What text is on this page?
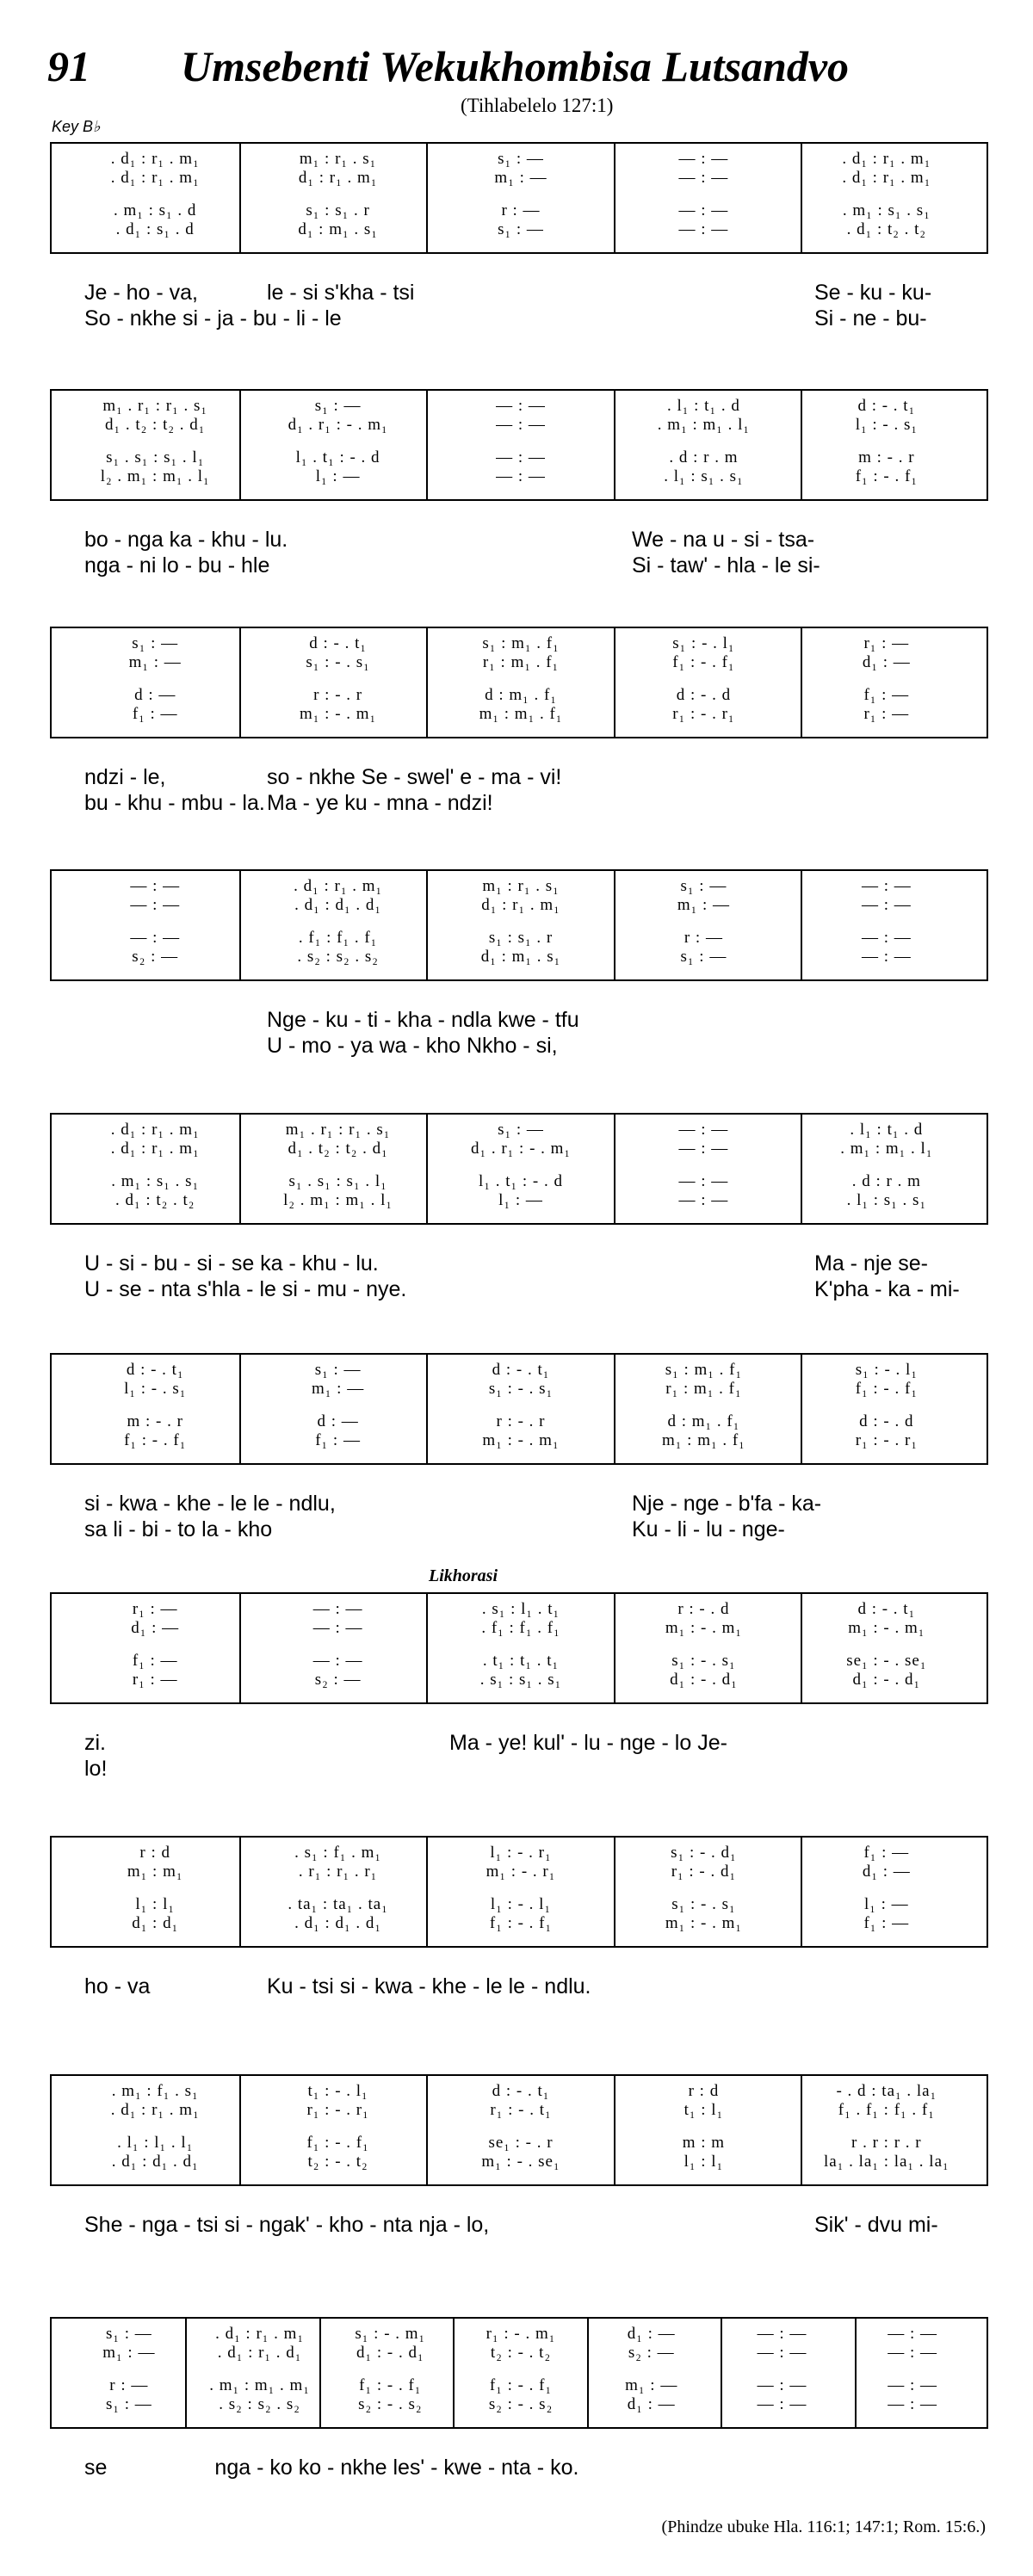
91 Umsebenti Wekukhombisa Lutsandvo
(Tihlabelelo 127:1)
Key B♭
. d₁ : r₁ . m₁	m₁ : r₁ . s₁	s₁ : —	— : —	. d₁ : r₁ . m₁
. d₁ : r₁ . m₁	d₁ : r₁ . m₁	m₁ : —	— : —	. d₁ : r₁ . m₁
. m₁ : s₁ . d	s₁ : s₁ . r	r : —	— : —	. m₁ : s₁ . s₁
. d₁ : s₁ . d	d₁ : m₁ . s₁	s₁ : —	— : —	. d₁ : t₂ . t₂
Je - ho - va,	le - si s'kha - tsi	Se - ku - ku-
So - nkhe si - ja - bu - li - le	Si - ne - bu-
m₁ . r₁ : r₁ . s₁	s₁ : —	— : —	. l₁ : t₁ . d	d : - . t₁
d₁ . t₂ : t₂ . d₁	d₁ . r₁ : - . m₁	— : —	. m₁ : m₁ . l₁	l₁ : - . s₁
s₁ . s₁ : s₁ . l₁	l₁ . t₁ : - . d	— : —	. d : r . m	m : - . r
l₂ . m₁ : m₁ . l₁	l₁ : —	— : —	. l₁ : s₁ . s₁	f₁ : - . f₁
bo - nga ka - khu - lu.	We - na u - si - tsa-
nga - ni lo - bu - hle	Si - taw' - hla - le si-
s₁ : —	d : - . t₁	s₁ : m₁ . f₁	s₁ : - . l₁	r₁ : —
m₁ : —	s₁ : - . s₁	r₁ : m₁ . f₁	f₁ : - . f₁	d₁ : —
d : —	r : - . r	d : m₁ . f₁	d : - . d	f₁ : —
f₁ : —	m₁ : - . m₁	m₁ : m₁ . f₁	r₁ : - . r₁	r₁ : —
ndzi - le,	so - nkhe Se - swel' e - ma - vi!
bu - khu - mbu - la. Ma - ye ku - mna - ndzi!
— : —	. d₁ : r₁ . m₁	m₁ : r₁ . s₁	s₁ : —	— : —
— : —	. d₁ : d₁ . d₁	d₁ : r₁ . m₁	m₁ : —	— : —
— : —	. f₁ : f₁ . f₁	s₁ : s₁ . r	r : —	— : —
s₂ : —	. s₂ : s₂ . s₂	d₁ : m₁ . s₁	s₁ : —	— : —
Nge - ku - ti - kha - ndla kwe - tfu
U - mo - ya wa - kho Nkho - si,
. d₁ : r₁ . m₁	m₁ . r₁ : r₁ . s₁	s₁ : —	— : —	. l₁ : t₁ . d
. d₁ : r₁ . m₁	d₁ . t₂ : t₂ . d₁	d₁ . r₁ : - . m₁	— : —	. m₁ : m₁ . l₁
. m₁ : s₁ . s₁	s₁ . s₁ : s₁ . l₁	l₁ . t₁ : - . d	— : —	. d : r . m
. d₁ : t₂ . t₂	l₂ . m₁ : m₁ . l₁	l₁ : —	— : —	. l₁ : s₁ . s₁
U - si - bu - si - se ka - khu - lu.	Ma - nje se-
U - se - nta s'hla - le si - mu - nye.	K'pha - ka - mi-
d : - . t₁	s₁ : —	d : - . t₁	s₁ : m₁ . f₁	s₁ : - . l₁
l₁ : - . s₁	m₁ : —	s₁ : - . s₁	r₁ : m₁ . f₁	f₁ : - . f₁
m : - . r	d : —	r : - . r	d : m₁ . f₁	d : - . d
f₁ : - . f₁	f₁ : —	m₁ : - . m₁	m₁ : m₁ . f₁	r₁ : - . r₁
si - kwa - khe - le le - ndlu,	Nje - nge - b'fa - ka-
sa li - bi - to la - kho	Ku - li - lu - nge-
Likhorasi
r₁ : —	— : —	. s₁ : l₁ . t₁	r : - . d	d : - . t₁
d₁ : —	— : —	. f₁ : f₁ . f₁	m₁ : - . m₁	m₁ : - . m₁
f₁ : —	— : —	. t₁ : t₁ . t₁	s₁ : - . s₁	se₁ : - . se₁
r₁ : —	s₂ : —	. s₁ : s₁ . s₁	d₁ : - . d₁	d₁ : - . d₁
zi.	Ma - ye! kul' - lu - nge - lo Je-
lo!
r : d	. s₁ : f₁ . m₁	l₁ : - . r₁	s₁ : - . d₁	f₁ : —
m₁ : m₁	. r₁ : r₁ . r₁	m₁ : - . r₁	r₁ : - . d₁	d₁ : —
l₁ : l₁	. ta₁ : ta₁ . ta₁	l₁ : - . l₁	s₁ : - . s₁	l₁ : —
d₁ : d₁	. d₁ : d₁ . d₁	f₁ : - . f₁	m₁ : - . m₁	f₁ : —
ho - va	Ku - tsi si - kwa - khe - le le - ndlu.
. m₁ : f₁ . s₁	t₁ : - . l₁	d : - . t₁	r : d	- . d : ta₁ . la₁
. d₁ : r₁ . m₁	r₁ : - . r₁	r₁ : - . t₁	t₁ : l₁	f₁ . f₁ : f₁ . f₁
. l₁ : l₁ . l₁	f₁ : - . f₁	se₁ : - . r	m : m	r . r : r . r
. d₁ : d₁ . d₁	t₂ : - . t₂	m₁ : - . se₁	l₁ : l₁	la₁ . la₁ : la₁ . la₁
She - nga - tsi si - ngak' - kho - nta nja - lo,	Sik' - dvu mi-
s₁ : —	. d₁ : r₁ . m₁	s₁ : - . m₁	r₁ : - . m₁	d₁ : —	— : —	— : —
m₁ : —	. d₁ : r₁ . d₁	d₁ : - . d₁	t₂ : - . t₂	s₂ : —	— : —	— : —
r : —	. m₁ : m₁ . m₁	f₁ : - . f₁	f₁ : - . f₁	m₁ : —	— : —	— : —
s₁ : —	. s₂ : s₂ . s₂	s₂ : - . s₂	s₂ : - . s₂	d₁ : —	— : —	— : —
se	nga - ko ko - nkhe les' - kwe - nta - ko.
(Phindze ubuke Hla. 116:1; 147:1; Rom. 15:6.)
